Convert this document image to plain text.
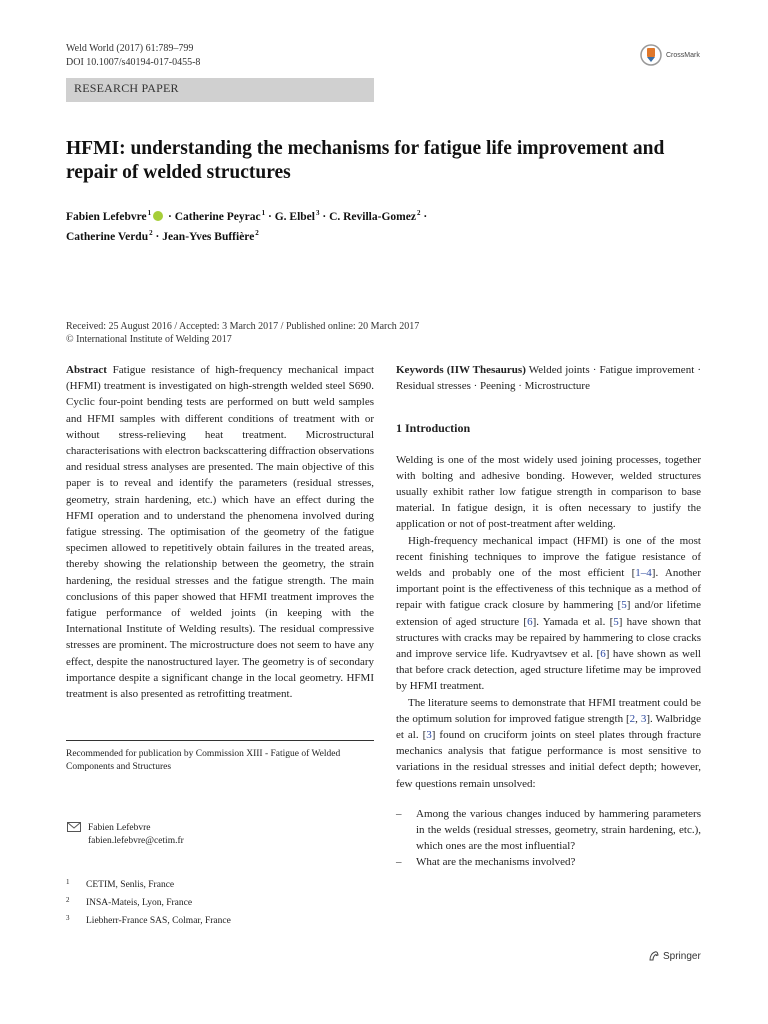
Weld World (2017) 61:789–799
DOI 10.1007/s40194-017-0455-8
CrossMark
RESEARCH PAPER
HFMI: understanding the mechanisms for fatigue life improvement and repair of welded structures
Fabien Lefebvre$^1$ · Catherine Peyrac$^1$ · G. Elbel$^3$ · C. Revilla-Gomez$^2$ ·
Catherine Verdu$^2$ · Jean-Yves Buffière$^2$
Received: 25 August 2016 / Accepted: 3 March 2017 / Published online: 20 March 2017
© International Institute of Welding 2017
Abstract Fatigue resistance of high-frequency mechanical impact (HFMI) treatment is investigated on high-strength welded steel S690. Cyclic four-point bending tests are performed on butt weld samples and HFMI samples with different conditions of treatment with or without stress-relieving heat treatment. Microstructural characterisations with electron backscattering diffraction observations and residual stress analyses are presented. The main objective of this paper is to reveal and identify the parameters (residual stresses, geometry, strain hardening, etc.) which have an effect during the HFMI operation and to understand the phenomena involved during fatigue stressing. The optimisation of the geometry of the fatigue specimen allowed to repetitively obtain failures in the treated areas, thereby showing the relationship between the geometry, the strain hardening, the residual stresses and the fatigue strength. The main conclusions of this paper showed that HFMI treatment improves the fatigue performance of welded joints (in keeping with the International Institute of Welding results). The residual compressive stresses are prominent. The microstructure does not seem to have any effect, despite the nanostructured layer. The geometry is of secondary importance despite a significant change in the local geometry. HFMI treatment is also presented as retrofitting treatment.
Recommended for publication by Commission XIII - Fatigue of Welded Components and Structures
Fabien Lefebvre
fabien.lefebvre@cetim.fr
1 CETIM, Senlis, France
2 INSA-Mateis, Lyon, France
3 Liebherr-France SAS, Colmar, France
Keywords (IIW Thesaurus) Welded joints · Fatigue improvement · Residual stresses · Peening · Microstructure
1 Introduction
Welding is one of the most widely used joining processes, together with bolting and adhesive bonding. However, welded structures usually exhibit rather low fatigue strength in comparison to base material. In fatigue design, it is often necessary to justify the application or not of post-treatment after welding.
High-frequency mechanical impact (HFMI) is one of the most recent finishing techniques to improve the fatigue resistance of welds and probably one of the most efficient [1–4]. Another important point is the effectiveness of this technique as a method of repair with fatigue crack closure by hammering [5] and/or lifetime extension of aged structure [6]. Yamada et al. [5] have shown that structures with cracks may be repaired by hammering to close cracks and improve service life. Kudryavtsev et al. [6] have shown as well that before crack detection, aged structure lifetime may be improved by HFMI treatment.
The literature seems to demonstrate that HFMI treatment could be the optimum solution for improved fatigue strength [2, 3]. Walbridge et al. [3] found on cruciform joints on steel plates through fracture mechanics analysis that fatigue performance is most sensitive to variations in the residual stresses and initial defect depth; however, few questions remain unsolved:
– Among the various changes induced by hammering parameters in the welds (residual stresses, geometry, strain hardening, etc.), which ones are the most influential?
– What are the mechanisms involved?
Springer
